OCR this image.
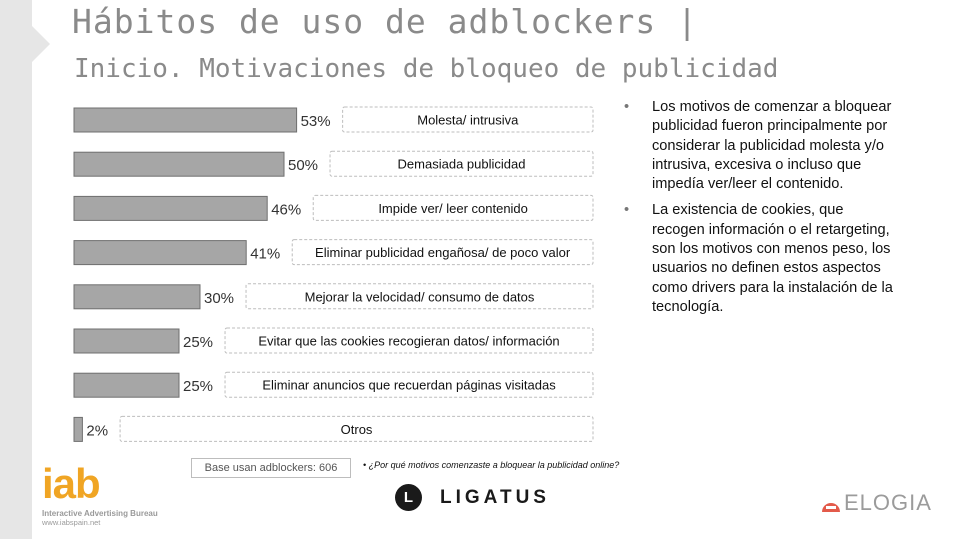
Hábitos de uso de adblockers |
Inicio. Motivaciones de bloqueo de publicidad
53%	Molesta/ intrusiva
50%	Demasiada publicidad
46%	Impide ver/ leer contenido
41%	Eliminar publicidad engañosa/ de poco valor
30%	Mejorar la velocidad/ consumo de datos
25%	Evitar que las cookies recogieran datos/ información
25%	Eliminar anuncios que recuerdan páginas visitadas
2%	Otros
• Los motivos de comenzar a bloquear publicidad fueron principalmente por considerar la publicidad molesta y/o intrusiva, excesiva o incluso que impedía ver/leer el contenido.
• La existencia de cookies, que recogen información o el retargeting, son los motivos con menos peso, los usuarios no definen estos aspectos como drivers para la instalación de la tecnología.
Base usan adblockers: 606	• ¿Por qué motivos comenzaste a bloquear la publicidad online?
iab
Interactive Advertising Bureau
www.iabspain.net
L	LIGATUS	ELOGIA
